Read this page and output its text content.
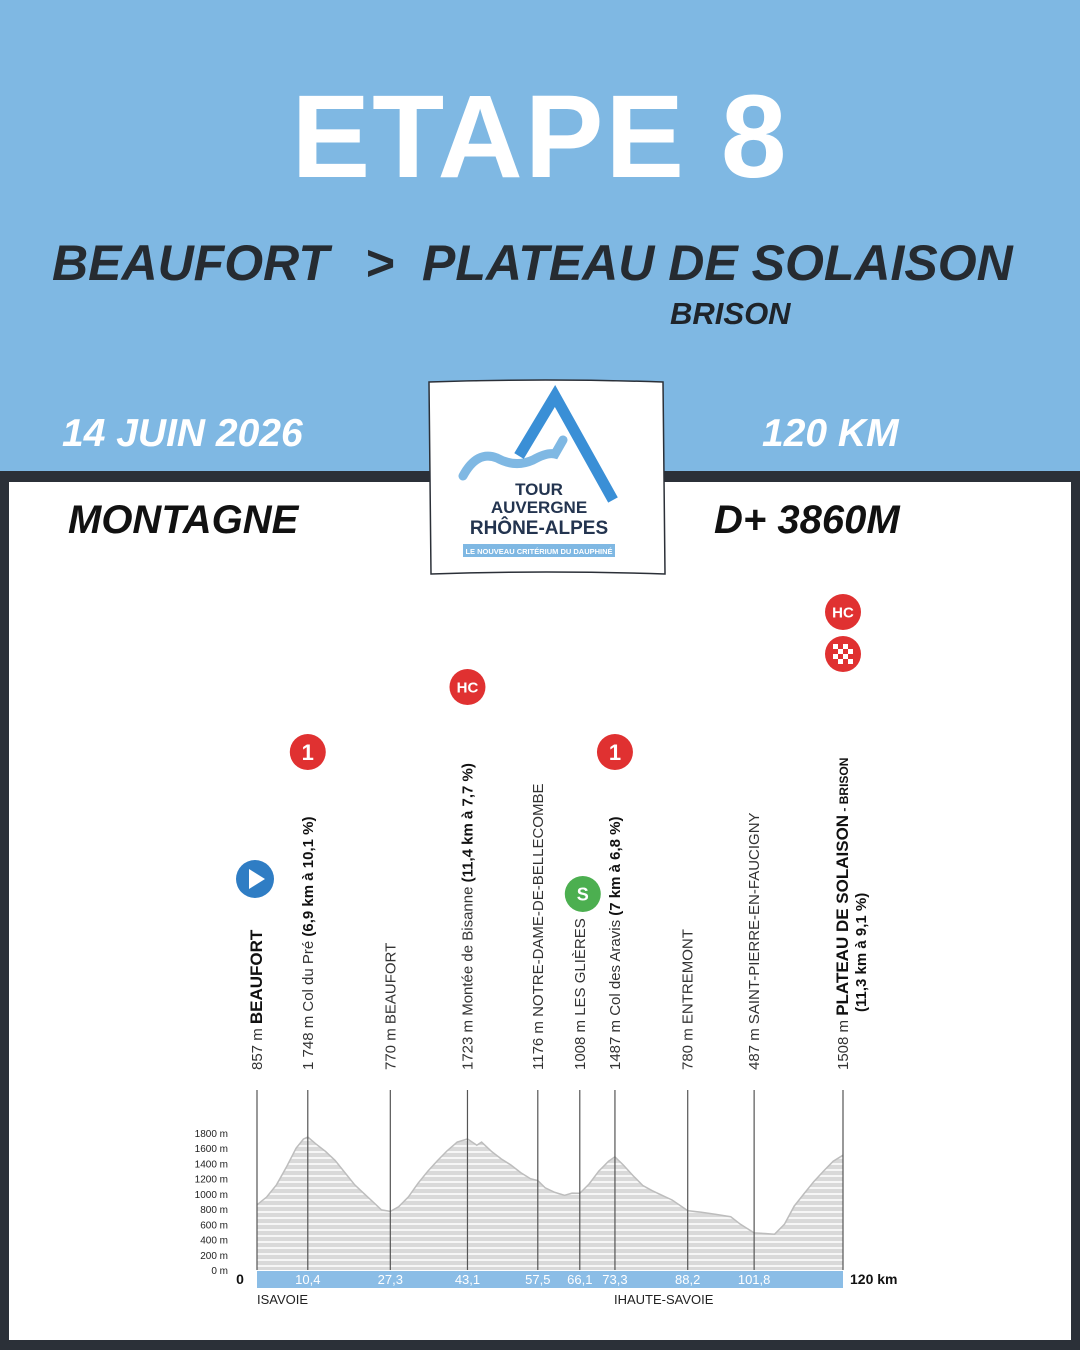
ETAPE 8
BEAUFORT > PLATEAU DE SOLAISON
BRISON
14 JUIN 2026	120 KM
MONTAGNE	D+ 3860M
TOUR
AUVERGNE
RHÔNE-ALPES
LE NOUVEAU CRITÉRIUM DU DAUPHINÉ
1800 m
1600 m
1400 m
1200 m
1000 m
800 m
600 m
400 m
200 m
0 m 0	120 km
10,4	27,3	43,1	57,5 66,1 73,3	88,2	101,8
ISAVOIE	IHAUTE-SAVOIE
857 m BEAUFORT
1 748 m Col du Pré (6,9 km à 10,1 %)
770 m BEAUFORT
1723 m Montée de Bisanne (11,4 km à 7,7 %)
1176 m NOTRE-DAME-DE-BELLECOMBE
1008 m LES GLIÈRES
1487 m Col des Aravis (7 km à 6,8 %)
780 m ENTREMONT
487 m SAINT-PIERRE-EN-FAUCIGNY
1508 m PLATEAU DE SOLAISON - BRISON
(11,3 km à 9,1 %)
1
HC
S
1
HC
